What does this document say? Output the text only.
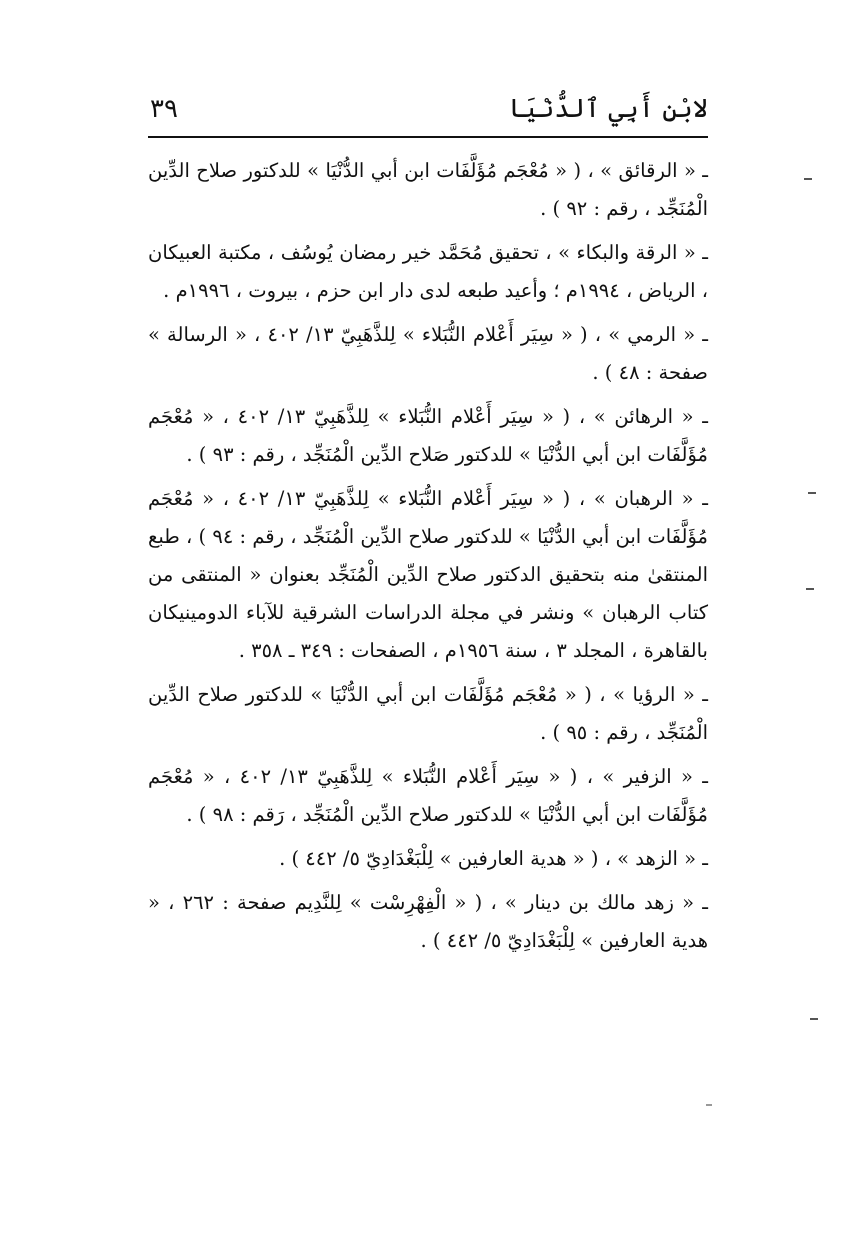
لابْنِ أَبِي ٱلدُّنْيَا
٣٩
ـ « الرقائق » ، ( « مُعْجَم مُؤَلَّفَات ابن أبي الدُّنْيَا » للدكتور صلاح الدِّين الْمُنَجِّد ، رقم : ٩٢ ) .
ـ « الرقة والبكاء » ، تحقيق مُحَمَّد خير رمضان يُوسُف ، مكتبة العبيكان ، الرياض ، ١٩٩٤م ؛ وأعيد طبعه لدى دار ابن حزم ، بيروت ، ١٩٩٦م .
ـ « الرمي » ، ( « سِيَر أَعْلام النُّبَلاء » لِلذَّهَبِيّ ١٣/ ٤٠٢ ، « الرسالة » صفحة : ٤٨ ) .
ـ « الرهائن » ، ( « سِيَر أَعْلام النُّبَلاء » لِلذَّهَبِيّ ١٣/ ٤٠٢ ، « مُعْجَم مُؤَلَّفَات ابن أبي الدُّنْيَا » للدكتور صَلاح الدِّين الْمُنَجِّد ، رقم : ٩٣ ) .
ـ « الرهبان » ، ( « سِيَر أَعْلام النُّبَلاء » لِلذَّهَبِيّ ١٣/ ٤٠٢ ، « مُعْجَم مُؤَلَّفَات ابن أبي الدُّنْيَا » للدكتور صلاح الدِّين الْمُنَجِّد ، رقم : ٩٤ ) ، طبع المنتقىٰ منه بتحقيق الدكتور صلاح الدِّين الْمُنَجِّد بعنوان « المنتقى من كتاب الرهبان » ونشر في مجلة الدراسات الشرقية للآباء الدومينيكان بالقاهرة ، المجلد ٣ ، سنة ١٩٥٦م ، الصفحات : ٣٤٩ ـ ٣٥٨ .
ـ « الرؤيا » ، ( « مُعْجَم مُؤَلَّفَات ابن أبي الدُّنْيَا » للدكتور صلاح الدِّين الْمُنَجِّد ، رقم : ٩٥ ) .
ـ « الزفير » ، ( « سِيَر أَعْلام النُّبَلاء » لِلذَّهَبِيّ ١٣/ ٤٠٢ ، « مُعْجَم مُؤَلَّفَات ابن أبي الدُّنْيَا » للدكتور صلاح الدِّين الْمُنَجِّد ، رَقم : ٩٨ ) .
ـ « الزهد » ، ( « هدية العارفين » لِلْبَغْدَادِيّ ٥/ ٤٤٢ ) .
ـ « زهد مالك بن دينار » ، ( « الْفِهْرِسْت » لِلنَّدِيم صفحة : ٢٦٢ ، « هدية العارفين » لِلْبَغْدَادِيّ ٥/ ٤٤٢ ) .
